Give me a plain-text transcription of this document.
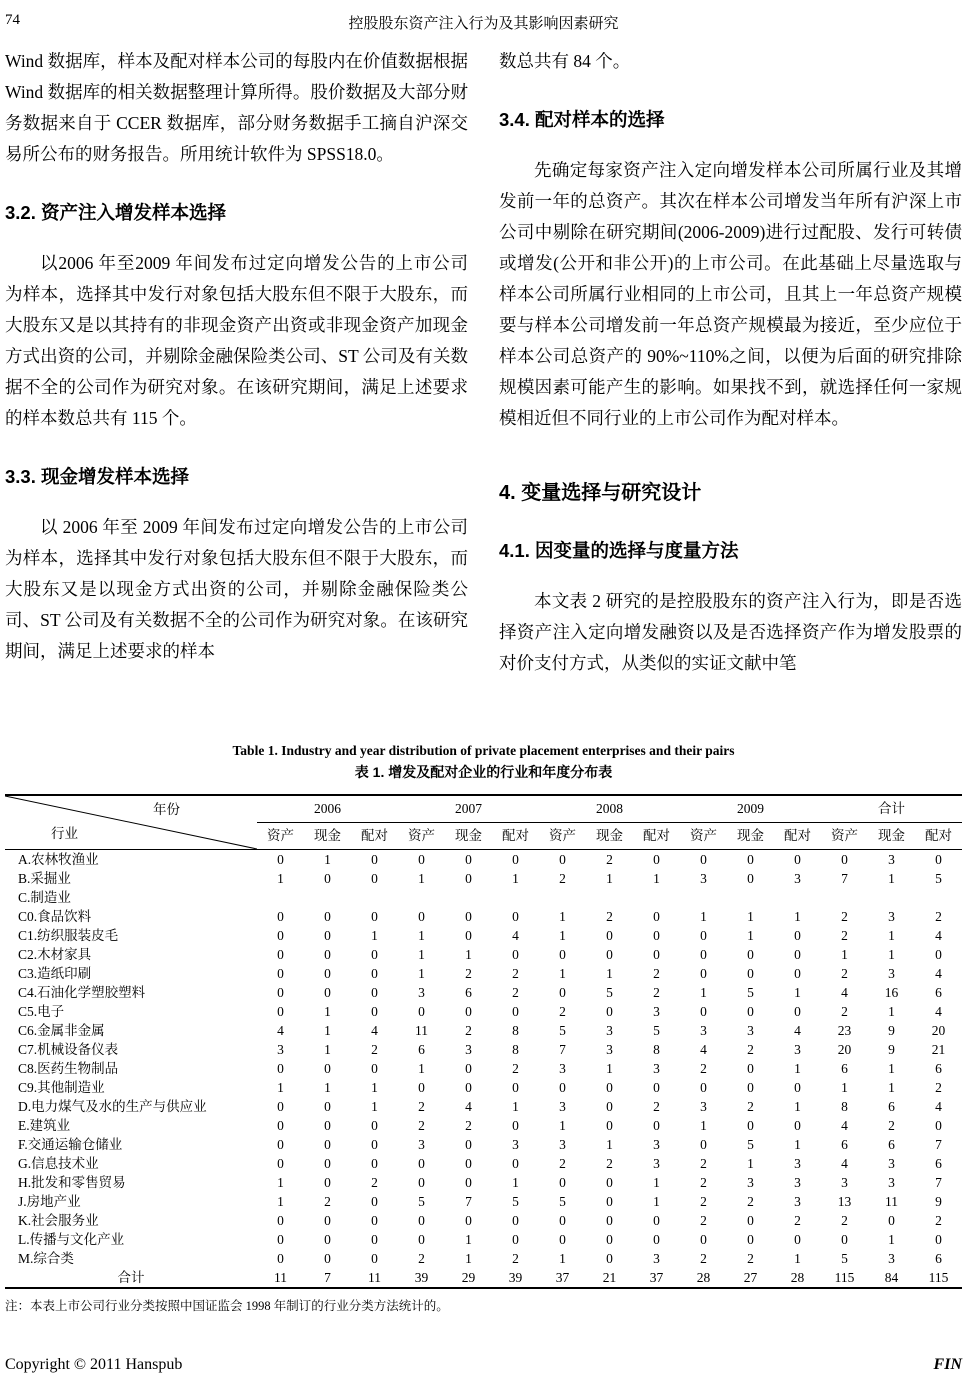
74	控股股东资产注入行为及其影响因素研究

Wind 数据库，样本及配对样本公司的每股内在价值数据根据 Wind 数据库的相关数据整理计算所得。股价数据及大部分财务数据来自于 CCER 数据库，部分财务数据手工摘自沪深交易所公布的财务报告。所用统计软件为 SPSS18.0。

3.2. 资产注入增发样本选择

以2006 年至2009 年间发布过定向增发公告的上市公司为样本，选择其中发行对象包括大股东但不限于大股东，而大股东又是以其持有的非现金资产出资或非现金资产加现金方式出资的公司，并剔除金融保险类公司、ST 公司及有关数据不全的公司作为研究对象。在该研究期间，满足上述要求的样本数总共有 115 个。

3.3. 现金增发样本选择

以 2006 年至 2009 年间发布过定向增发公告的上市公司为样本，选择其中发行对象包括大股东但不限于大股东，而大股东又是以现金方式出资的公司，并剔除金融保险类公司、ST 公司及有关数据不全的公司作为研究对象。在该研究期间，满足上述要求的样本

数总共有 84 个。

3.4. 配对样本的选择

先确定每家资产注入定向增发样本公司所属行业及其增发前一年的总资产。其次在样本公司增发当年所有沪深上市公司中剔除在研究期间(2006-2009)进行过配股、发行可转债或增发(公开和非公开)的上市公司。在此基础上尽量选取与样本公司所属行业相同的上市公司，且其上一年总资产规模要与样本公司增发前一年总资产规模最为接近，至少应位于样本公司总资产的 90%~110%之间，以便为后面的研究排除规模因素可能产生的影响。如果找不到，就选择任何一家规模相近但不同行业的上市公司作为配对样本。

4. 变量选择与研究设计
4.1. 因变量的选择与度量方法

本文表 2 研究的是控股股东的资产注入行为，即是否选择资产注入定向增发融资以及是否选择资产作为增发股票的对价支付方式，从类似的实证文献中笔

Table 1. Industry and year distribution of private placement enterprises and their pairs
表 1. 增发及配对企业的行业和年度分布表
年份
行业	2006			2007			2008			2009			合计		
	资产	现金	配对	资产	现金	配对	资产	现金	配对	资产	现金	配对	资产	现金	配对
A.农林牧渔业	0	1	0	0	0	0	0	2	0	0	0	0	0	3	0
B.采掘业	1	0	0	1	0	1	2	1	1	3	0	3	7	1	5
C.制造业															
C0.食品饮料	0	0	0	0	0	0	1	2	0	1	1	1	2	3	2
C1.纺织服装皮毛	0	0	1	1	0	4	1	0	0	0	1	0	2	1	4
C2.木材家具	0	0	0	1	1	0	0	0	0	0	0	0	1	1	0
C3.造纸印刷	0	0	0	1	2	2	1	1	2	0	0	0	2	3	4
C4.石油化学塑胶塑料	0	0	0	3	6	2	0	5	2	1	5	1	4	16	6
C5.电子	0	1	0	0	0	0	2	0	3	0	0	0	2	1	4
C6.金属非金属	4	1	4	11	2	8	5	3	5	3	3	4	23	9	20
C7.机械设备仪表	3	1	2	6	3	8	7	3	8	4	2	3	20	9	21
C8.医药生物制品	0	0	0	1	0	2	3	1	3	2	0	1	6	1	6
C9.其他制造业	1	1	1	0	0	0	0	0	0	0	0	0	1	1	2
D.电力煤气及水的生产与供应业	0	0	1	2	4	1	3	0	2	3	2	1	8	6	4
E.建筑业	0	0	0	2	2	0	1	0	0	1	0	0	4	2	0
F.交通运输仓储业	0	0	0	3	0	3	3	1	3	0	5	1	6	6	7
G.信息技术业	0	0	0	0	0	0	2	2	3	2	1	3	4	3	6
H.批发和零售贸易	1	0	2	0	0	1	0	0	1	2	3	3	3	3	7
J.房地产业	1	2	0	5	7	5	5	0	1	2	2	3	13	11	9
K.社会服务业	0	0	0	0	0	0	0	0	0	2	0	2	2	0	2
L.传播与文化产业	0	0	0	0	1	0	0	0	0	0	0	0	0	1	0
M.综合类	0	0	0	2	1	2	1	0	3	2	2	1	5	3	6
合计	11	7	11	39	29	39	37	21	37	28	27	28	115	84	115
注：本表上市公司行业分类按照中国证监会 1998 年制订的行业分类方法统计的。
Copyright © 2011 Hanspub	FIN
